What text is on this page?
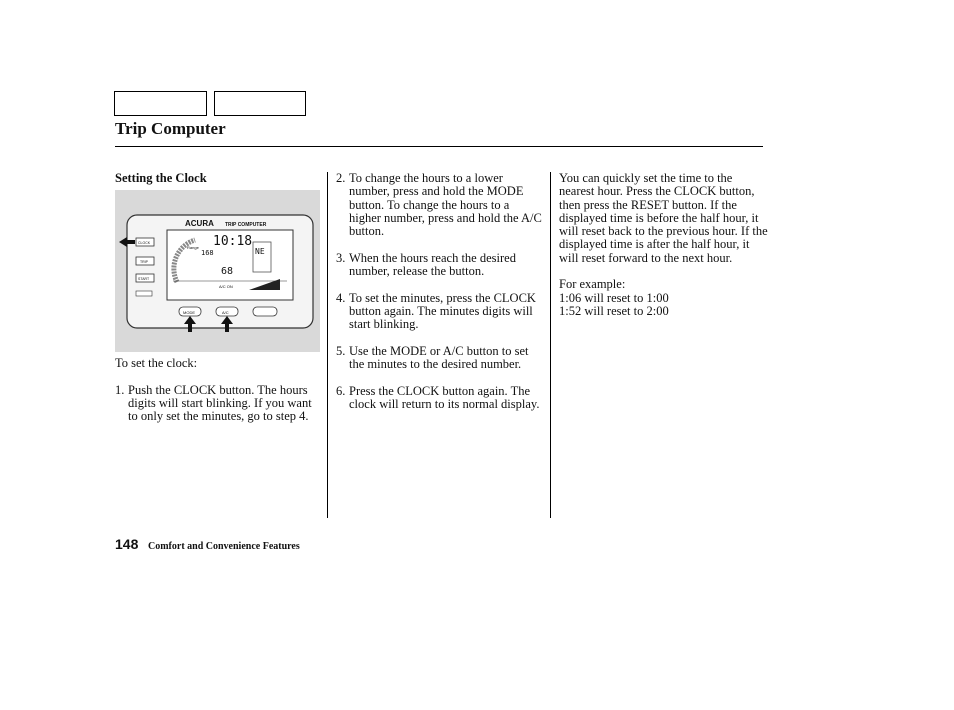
Trip Computer
Setting the Clock
ACURA TRIP COMPUTER
10:18
Range
168
68
NE
A/C ON
CLOCK
TRIP
START
MODE	A/C

To set the clock:

1. Push the CLOCK button. The hours digits will start blinking. If you want to only set the minutes, go to step 4.

2. To change the hours to a lower number, press and hold the MODE button. To change the hours to a higher number, press and hold the A/C button.

3. When the hours reach the desired number, release the button.

4. To set the minutes, press the CLOCK button again. The minutes digits will start blinking.

5. Use the MODE or A/C button to set the minutes to the desired number.

6. Press the CLOCK button again. The clock will return to its normal display.

You can quickly set the time to the nearest hour. Press the CLOCK button, then press the RESET button. If the displayed time is before the half hour, it will reset back to the previous hour. If the displayed time is after the half hour, it will reset forward to the next hour.

For example:
1:06 will reset to 1:00
1:52 will reset to 2:00

148 Comfort and Convenience Features
